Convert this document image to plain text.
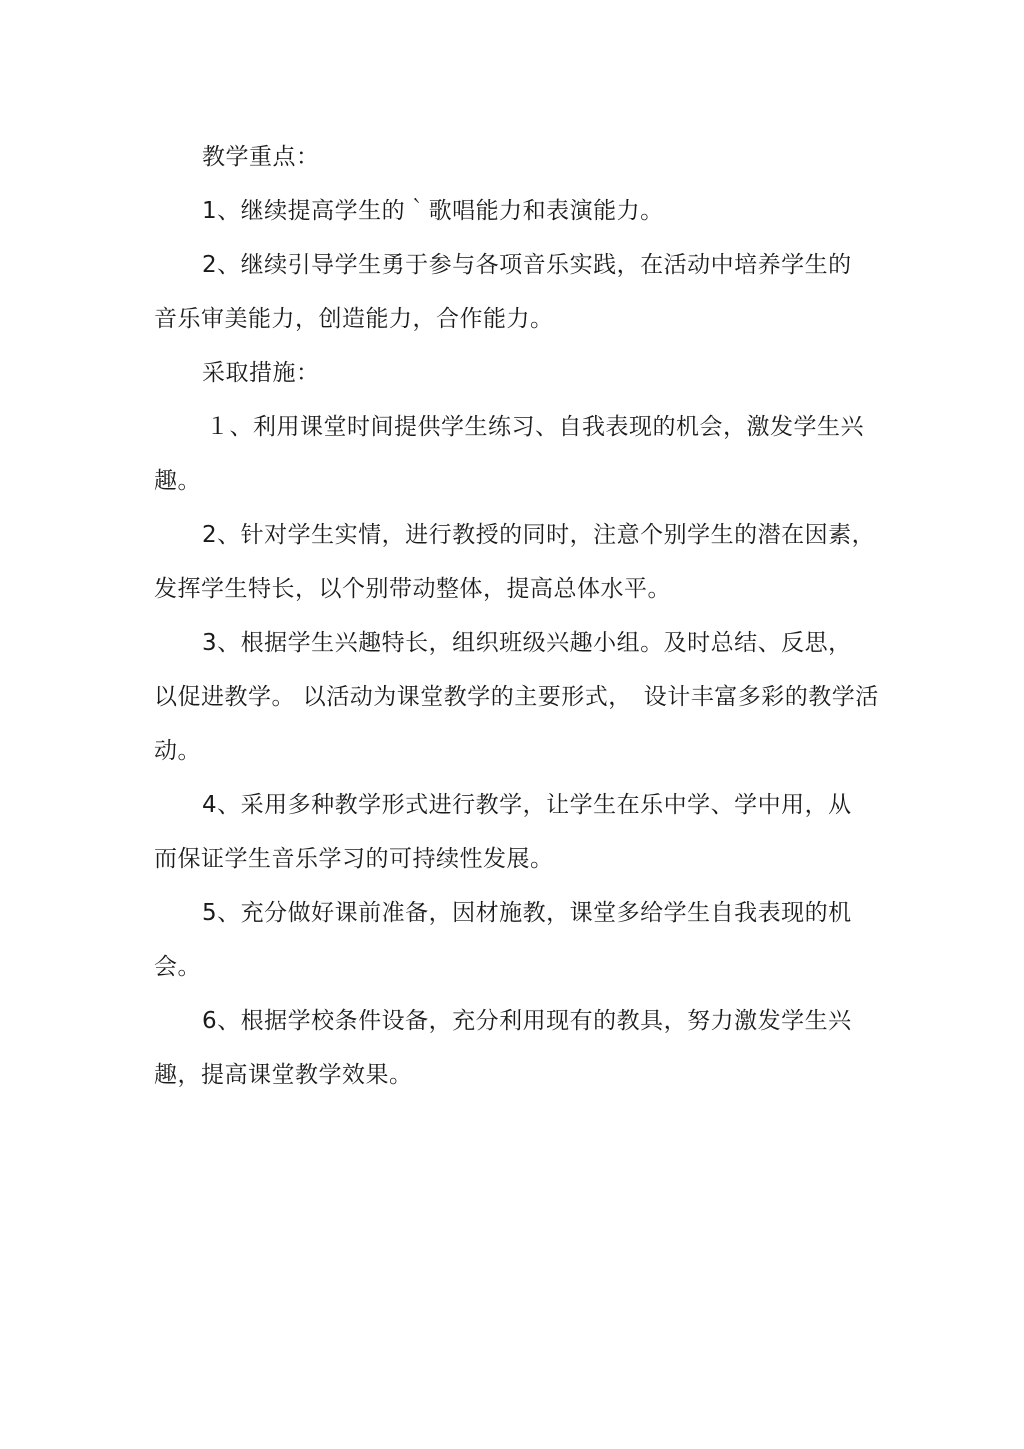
教学重点：
1、继续提高学生的｀歌唱能力和表演能力。
2、继续引导学生勇于参与各项音乐实践，在活动中培养学生的
音乐审美能力，创造能力，合作能力。
采取措施：
１、利用课堂时间提供学生练习、自我表现的机会，激发学生兴
趣。
2、针对学生实情，进行教授的同时，注意个别学生的潜在因素，
发挥学生特长，以个别带动整体，提高总体水平。
3、根据学生兴趣特长，组织班级兴趣小组。及时总结、反思，
以促进教学。 以活动为课堂教学的主要形式，　设计丰富多彩的教学活
动。
4、采用多种教学形式进行教学，让学生在乐中学、学中用，从
而保证学生音乐学习的可持续性发展。
5、充分做好课前准备，因材施教，课堂多给学生自我表现的机
会。
6、根据学校条件设备，充分利用现有的教具，努力激发学生兴
趣，提高课堂教学效果。
